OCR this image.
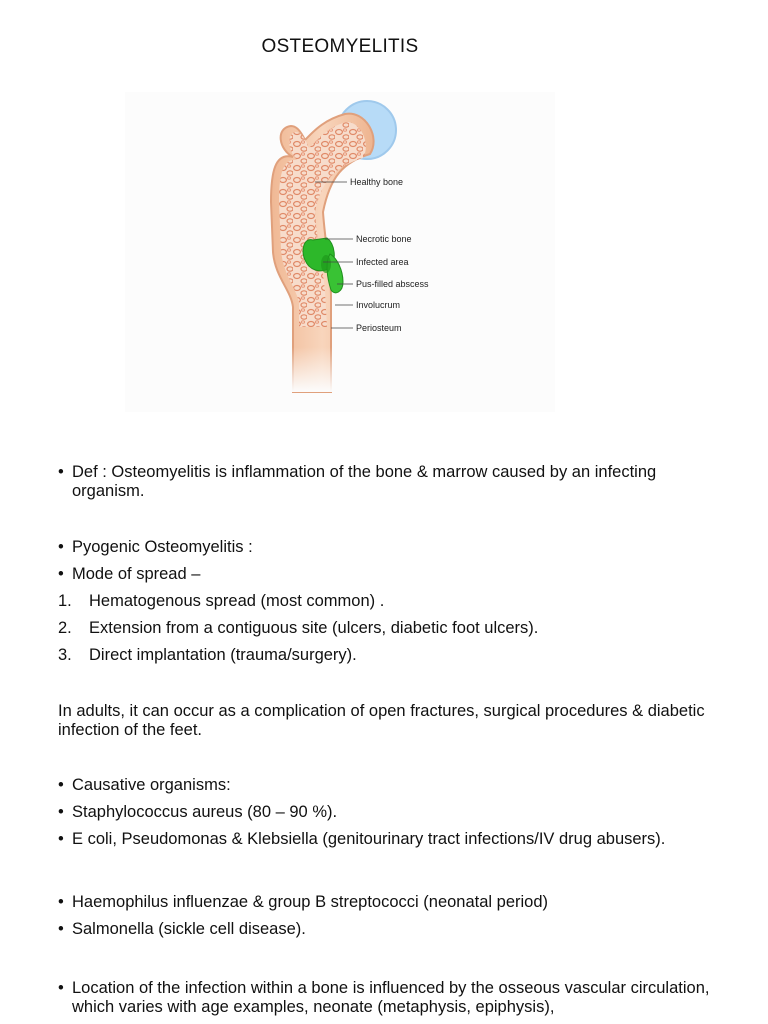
OSTEOMYELITIS
Healthy bone
Necrotic bone
Infected area
Pus-filled abscess
Involucrum
Periosteum
• Def : Osteomyelitis is inflammation of the bone & marrow caused by an infecting organism.
• Pyogenic Osteomyelitis :
• Mode of spread –
1. Hematogenous spread (most common) .
2. Extension from a contiguous site (ulcers, diabetic foot ulcers).
3. Direct implantation (trauma/surgery).
In adults, it can occur as a complication of open fractures, surgical procedures & diabetic infection of the feet.
• Causative organisms:
• Staphylococcus aureus (80 – 90 %).
• E coli, Pseudomonas & Klebsiella (genitourinary tract infections/IV drug abusers).
• Haemophilus influenzae & group B streptococci (neonatal period)
• Salmonella (sickle cell disease).
• Location of the infection within a bone is influenced by the osseous vascular circulation, which varies with age examples, neonate (metaphysis, epiphysis),
